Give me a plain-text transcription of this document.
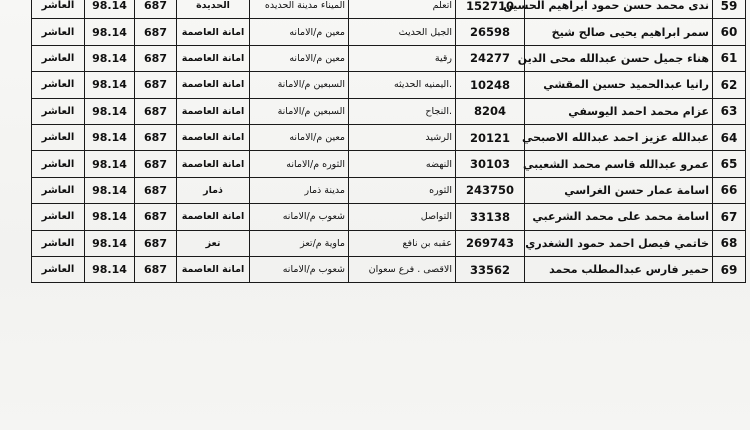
59	ندى محمد حسن حمود ابراهيم الحسين	152710	اتعلم	الميناء مدينة الحديده	الحديدة	687	98.14	العاشر
60	سمر ابراهيم يحيى صالح شيخ	26598	الجيل الحديث	معين م/الامانه	امانة العاصمة	687	98.14	العاشر
61	هناء جميل حسن عبدالله محى الدين	24277	رقية	معين م/الامانه	امانة العاصمة	687	98.14	العاشر
62	رانيا عبدالحميد حسين المقشي	10248	.اليمنيه الحديثه	السبعين م/الامانة	امانة العاصمة	687	98.14	العاشر
63	عزام محمد احمد اليوسفي	8204	.النجاح	السبعين م/الامانة	امانة العاصمة	687	98.14	العاشر
64	عبدالله عزيز احمد عبدالله الاصبحي	20121	الرشيد	معين م/الامانه	امانة العاصمة	687	98.14	العاشر
65	عمرو عبدالله قاسم محمد الشعيبي	30103	النهضه	الثوره م/الامانه	امانة العاصمة	687	98.14	العاشر
66	اسامة عمار حسن الغراسي	243750	الثوره	مدينة ذمار	ذمار	687	98.14	العاشر
67	اسامة محمد على محمد الشرعبي	33138	التواصل	شعوب م/الامانه	امانة العاصمة	687	98.14	العاشر
68	خاتمي فيصل احمد حمود الشغدري	269743	عقبه بن نافع	ماوية م/تعز	تعز	687	98.14	العاشر
69	حمير فارس عبدالمطلب محمد	33562	الاقصى . فرع سعوان	شعوب م/الامانه	امانة العاصمة	687	98.14	العاشر
